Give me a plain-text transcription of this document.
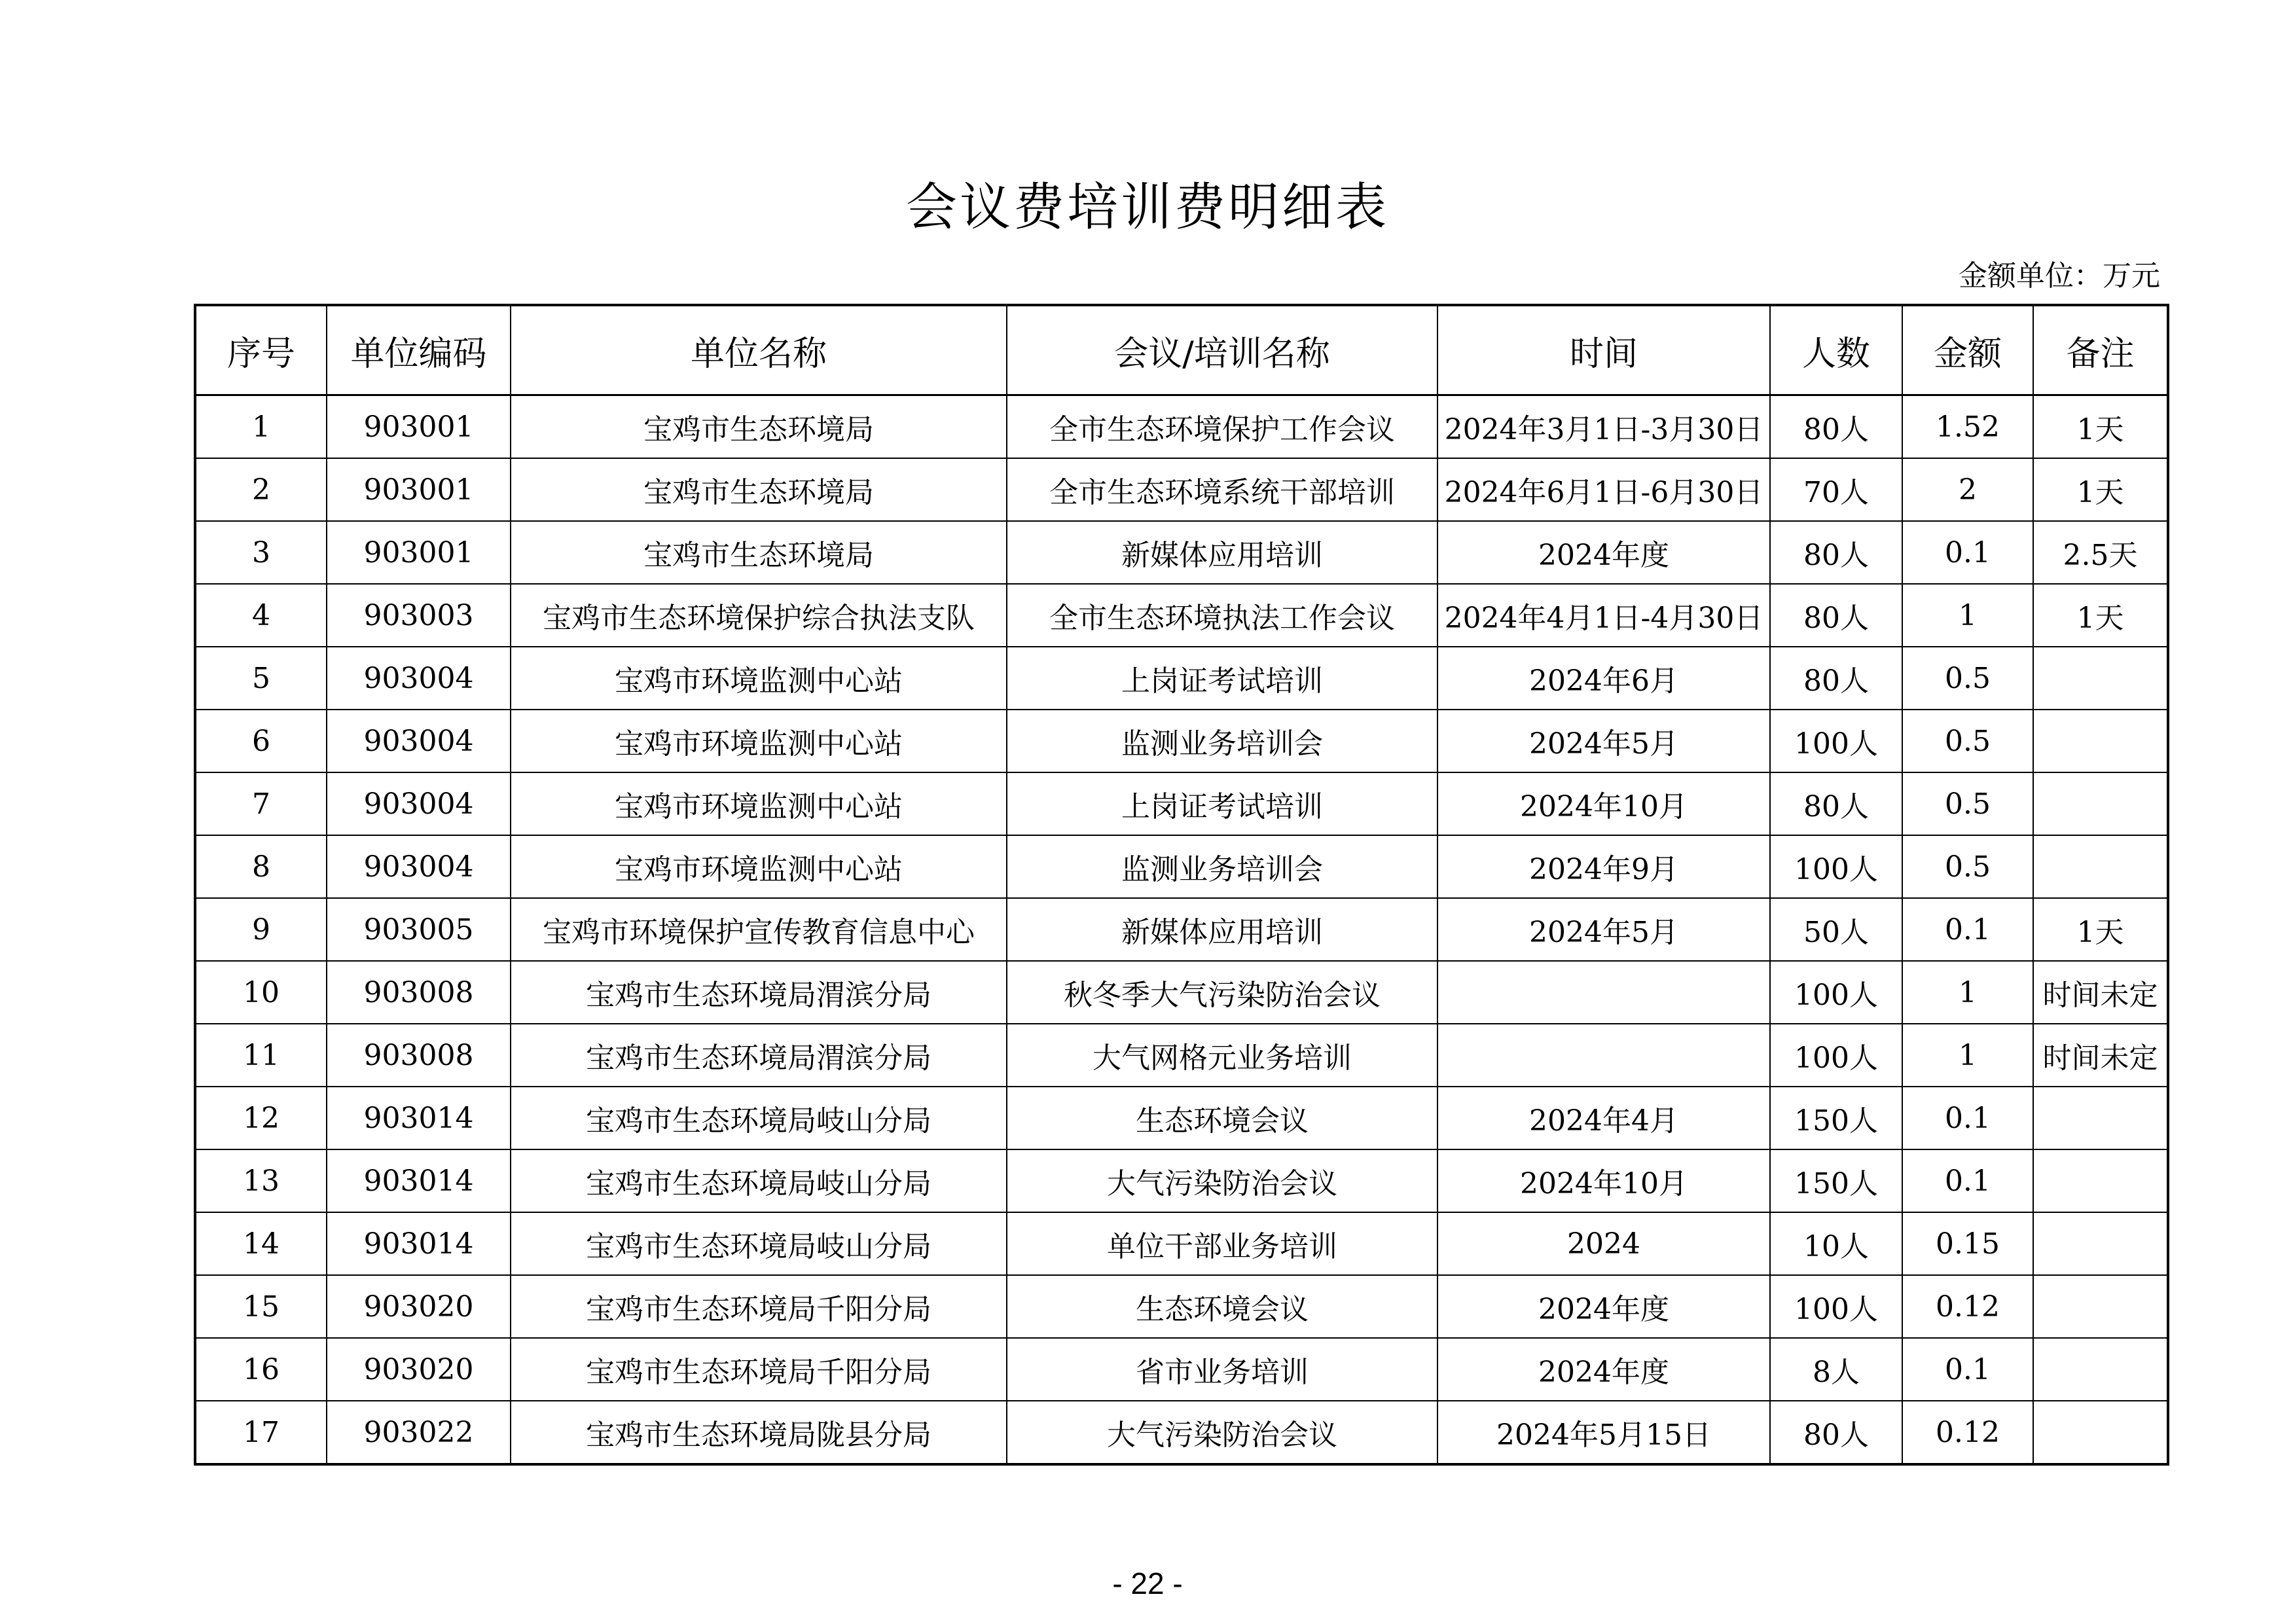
会议费培训费明细表
金额单位：万元
序号	单位编码	单位名称	会议/培训名称	时间	人数	金额	备注
1	903001	宝鸡市生态环境局	全市生态环境保护工作会议	2024年3月1日-3月30日	80人	1.52	1天
2	903001	宝鸡市生态环境局	全市生态环境系统干部培训	2024年6月1日-6月30日	70人	2	1天
3	903001	宝鸡市生态环境局	新媒体应用培训	2024年度	80人	0.1	2.5天
4	903003	宝鸡市生态环境保护综合执法支队	全市生态环境执法工作会议	2024年4月1日-4月30日	80人	1	1天
5	903004	宝鸡市环境监测中心站	上岗证考试培训	2024年6月	80人	0.5	
6	903004	宝鸡市环境监测中心站	监测业务培训会	2024年5月	100人	0.5	
7	903004	宝鸡市环境监测中心站	上岗证考试培训	2024年10月	80人	0.5	
8	903004	宝鸡市环境监测中心站	监测业务培训会	2024年9月	100人	0.5	
9	903005	宝鸡市环境保护宣传教育信息中心	新媒体应用培训	2024年5月	50人	0.1	1天
10	903008	宝鸡市生态环境局渭滨分局	秋冬季大气污染防治会议		100人	1	时间未定
11	903008	宝鸡市生态环境局渭滨分局	大气网格元业务培训		100人	1	时间未定
12	903014	宝鸡市生态环境局岐山分局	生态环境会议	2024年4月	150人	0.1	
13	903014	宝鸡市生态环境局岐山分局	大气污染防治会议	2024年10月	150人	0.1	
14	903014	宝鸡市生态环境局岐山分局	单位干部业务培训	2024	10人	0.15	
15	903020	宝鸡市生态环境局千阳分局	生态环境会议	2024年度	100人	0.12	
16	903020	宝鸡市生态环境局千阳分局	省市业务培训	2024年度	8人	0.1	
17	903022	宝鸡市生态环境局陇县分局	大气污染防治会议	2024年5月15日	80人	0.12	
- 22 -
